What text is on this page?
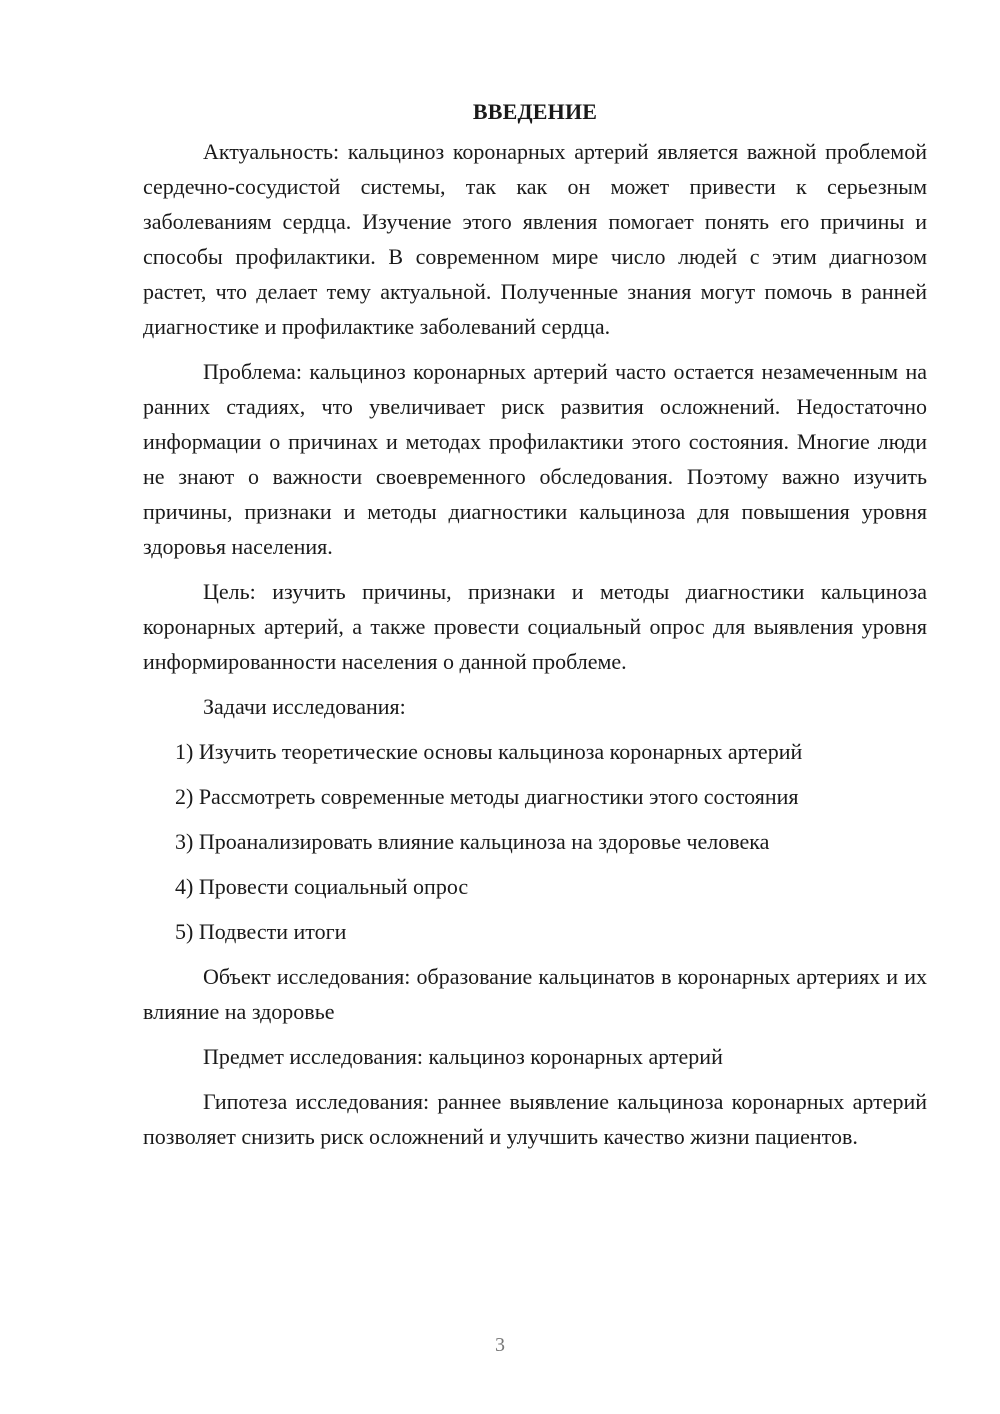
ВВЕДЕНИЕ

Актуальность: кальциноз коронарных артерий является важной проблемой сердечно-сосудистой системы, так как он может привести к серьезным заболеваниям сердца. Изучение этого явления помогает понять его причины и способы профилактики. В современном мире число людей с этим диагнозом растет, что делает тему актуальной. Полученные знания могут помочь в ранней диагностике и профилактике заболеваний сердца.

Проблема: кальциноз коронарных артерий часто остается незамеченным на ранних стадиях, что увеличивает риск развития осложнений. Недостаточно информации о причинах и методах профилактики этого состояния. Многие люди не знают о важности своевременного обследования. Поэтому важно изучить причины, признаки и методы диагностики кальциноза для повышения уровня здоровья населения.

Цель: изучить причины, признаки и методы диагностики кальциноза коронарных артерий, а также провести социальный опрос для выявления уровня информированности населения о данной проблеме.

Задачи исследования:

1) Изучить теоретические основы кальциноза коронарных артерий
2) Рассмотреть современные методы диагностики этого состояния
3) Проанализировать влияние кальциноза на здоровье человека
4) Провести социальный опрос
5) Подвести итоги

Объект исследования: образование кальцинатов в коронарных артериях и их влияние на здоровье

Предмет исследования: кальциноз коронарных артерий

Гипотеза исследования: раннее выявление кальциноза коронарных артерий позволяет снизить риск осложнений и улучшить качество жизни пациентов.

3
